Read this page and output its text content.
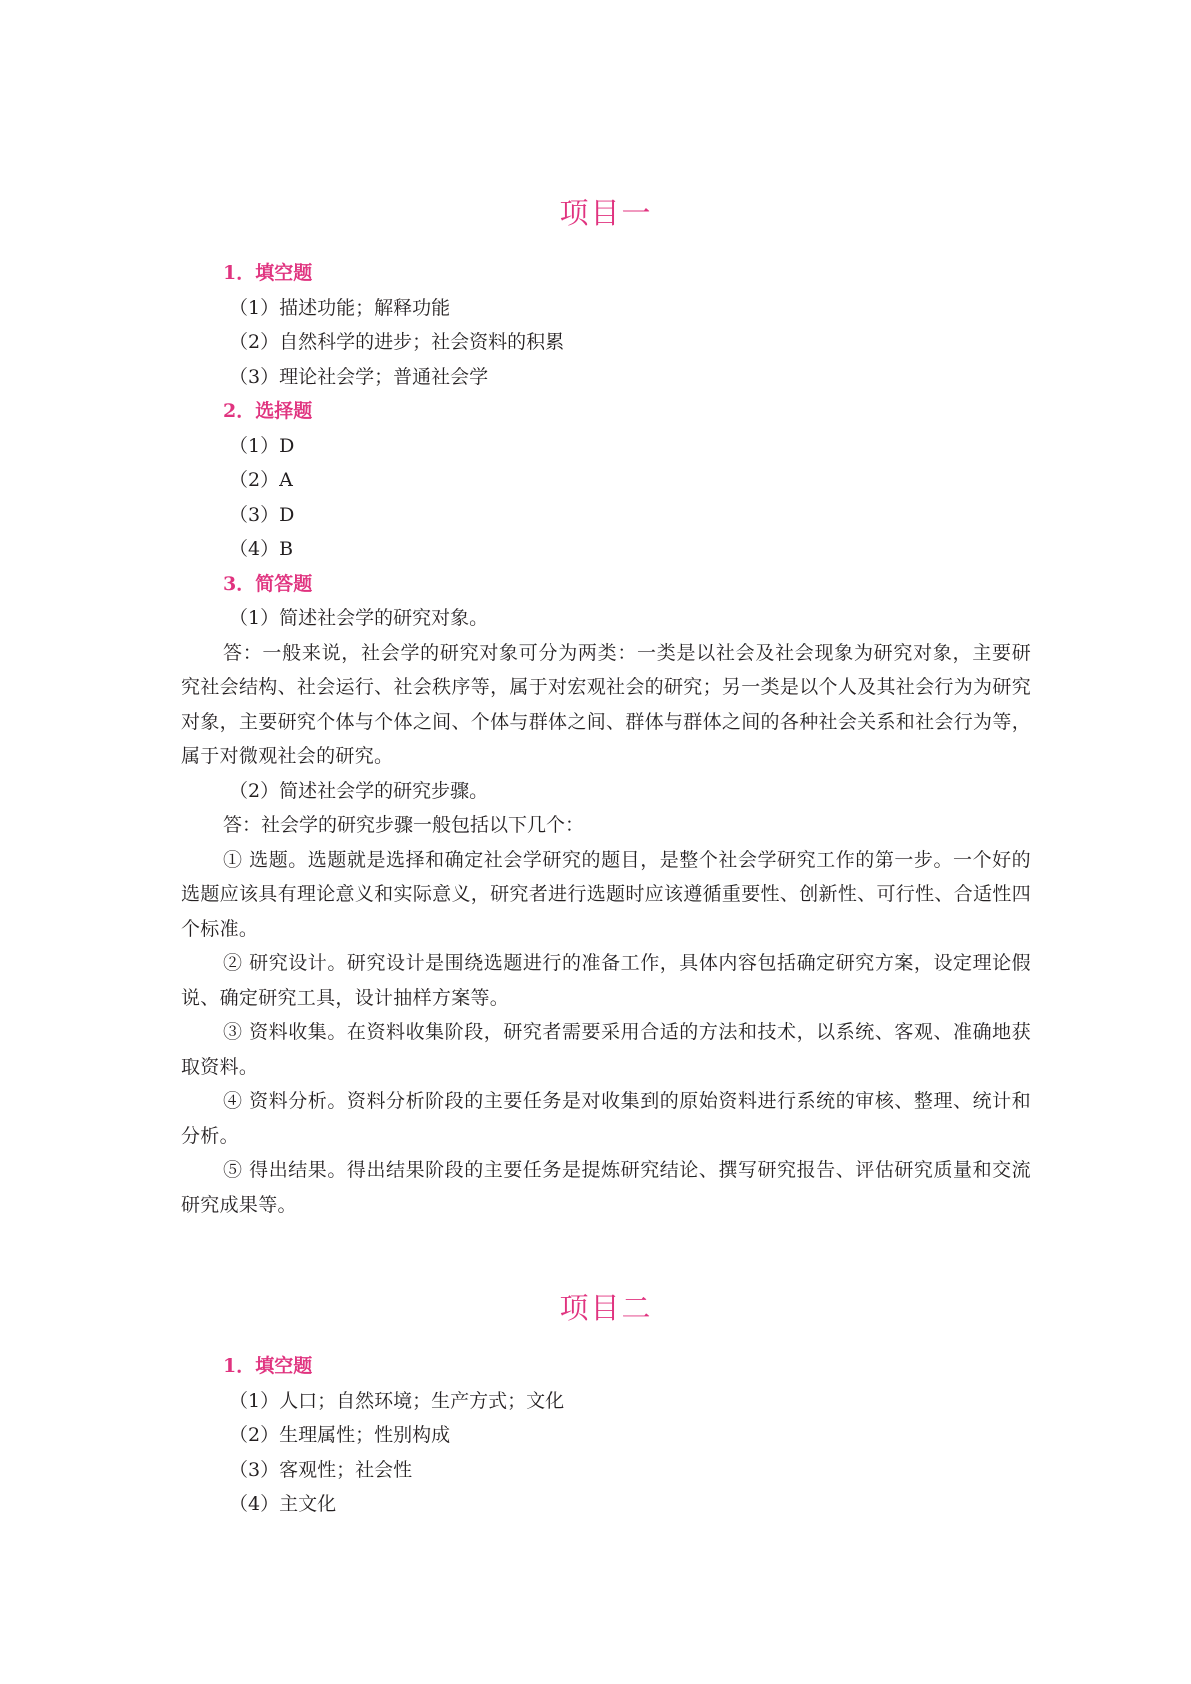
项目一
1．填空题
（1）描述功能；解释功能
（2）自然科学的进步；社会资料的积累
（3）理论社会学；普通社会学
2．选择题
（1）D
（2）A
（3）D
（4）B
3．简答题
（1）简述社会学的研究对象。

答：一般来说，社会学的研究对象可分为两类：一类是以社会及社会现象为研究对象，主要研究社会结构、社会运行、社会秩序等，属于对宏观社会的研究；另一类是以个人及其社会行为为研究对象，主要研究个体与个体之间、个体与群体之间、群体与群体之间的各种社会关系和社会行为等，属于对微观社会的研究。

（2）简述社会学的研究步骤。
答：社会学的研究步骤一般包括以下几个：

① 选题。选题就是选择和确定社会学研究的题目，是整个社会学研究工作的第一步。一个好的选题应该具有理论意义和实际意义，研究者进行选题时应该遵循重要性、创新性、可行性、合适性四个标准。

② 研究设计。研究设计是围绕选题进行的准备工作，具体内容包括确定研究方案，设定理论假说、确定研究工具，设计抽样方案等。

③ 资料收集。在资料收集阶段，研究者需要采用合适的方法和技术，以系统、客观、准确地获取资料。

④ 资料分析。资料分析阶段的主要任务是对收集到的原始资料进行系统的审核、整理、统计和分析。

⑤ 得出结果。得出结果阶段的主要任务是提炼研究结论、撰写研究报告、评估研究质量和交流研究成果等。

项目二
1．填空题
（1）人口；自然环境；生产方式；文化
（2）生理属性；性别构成
（3）客观性；社会性
（4）主文化
